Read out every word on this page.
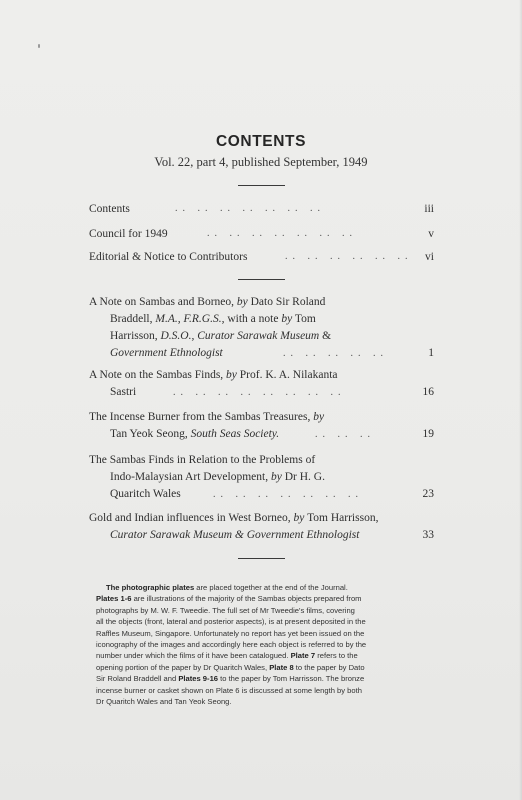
CONTENTS
Vol. 22, part 4, published September, 1949
Contents	.. .. .. .. .. .. ..	iii
Council for 1949	.. .. .. .. .. .. ..	v
Editorial & Notice to Contributors	.. .. .. .. .. .. vi
A Note on Sambas and Borneo, by Dato Sir Roland
Braddell, M.A., F.R.G.S., with a note by Tom
Harrisson, D.S.O., Curator Sarawak Museum &
Government Ethnologist	.. .. .. .. ..	1
A Note on the Sambas Finds, by Prof. K. A. Nilakanta
Sastri	.. .. .. .. .. .. .. ..	16
The Incense Burner from the Sambas Treasures, by
Tan Yeok Seong, South Seas Society.	.. .. ..	19
The Sambas Finds in Relation to the Problems of
Indo-Malaysian Art Development, by Dr H. G.
Quaritch Wales	.. .. .. .. .. .. ..	23
Gold and Indian influences in West Borneo, by Tom Harrisson,
Curator Sarawak Museum & Government Ethnologist	33
The photographic plates are placed together at the end of the Journal.
Plates 1-6 are illustrations of the majority of the Sambas objects prepared from
photographs by M. W. F. Tweedie. The full set of Mr Tweedie's films, covering
all the objects (front, lateral and posterior aspects), is at present deposited in the
Raffles Museum, Singapore. Unfortunately no report has yet been issued on the
iconography of the images and accordingly here each object is referred to by the
number under which the films of it have been catalogued. Plate 7 refers to the
opening portion of the paper by Dr Quaritch Wales, Plate 8 to the paper by Dato
Sir Roland Braddell and Plates 9-16 to the paper by Tom Harrisson. The bronze
incense burner or casket shown on Plate 6 is discussed at some length by both
Dr Quaritch Wales and Tan Yeok Seong.
